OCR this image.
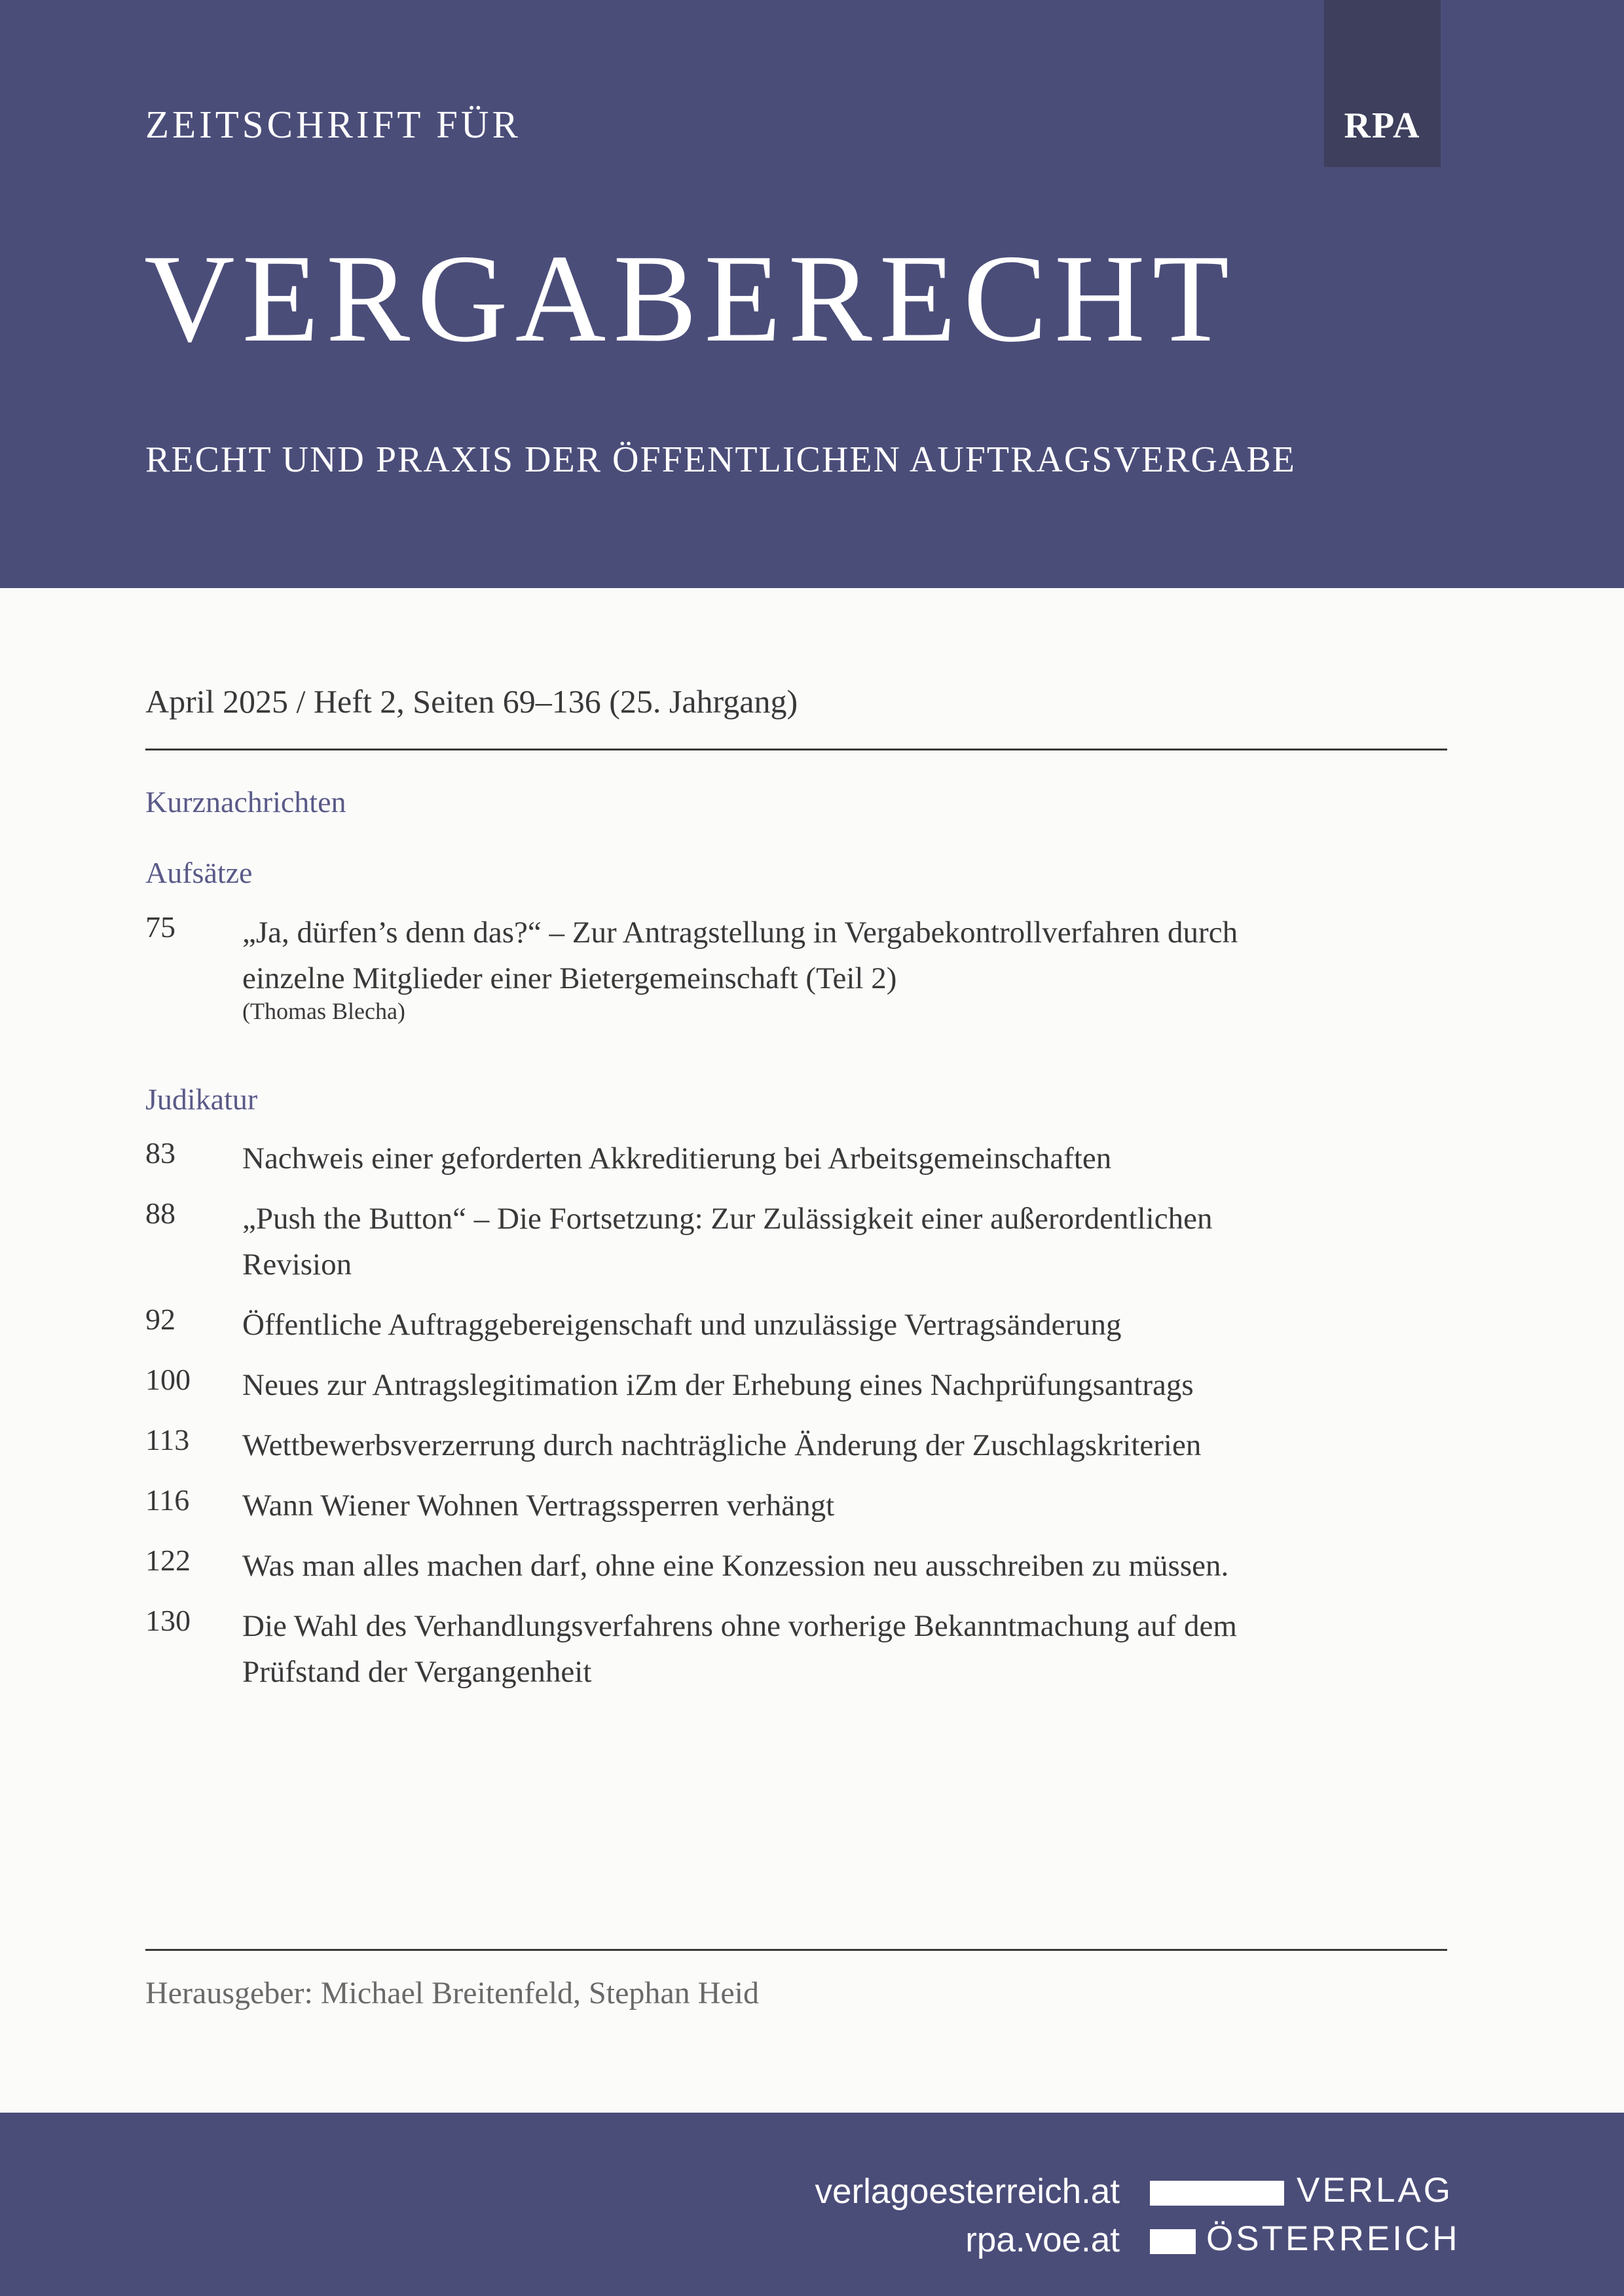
RPA
ZEITSCHRIFT FÜR
VERGABERECHT
RECHT UND PRAXIS DER ÖFFENTLICHEN AUFTRAGSVERGABE
April 2025 / Heft 2, Seiten 69–136 (25. Jahrgang)
Kurznachrichten
Aufsätze
75 „Ja, dürfen’s denn das?“ – Zur Antragstellung in Vergabekontrollverfahren durch
einzelne Mitglieder einer Bietergemeinschaft (Teil 2)
(Thomas Blecha)
Judikatur
83 Nachweis einer geforderten Akkreditierung bei Arbeitsgemeinschaften
88 „Push the Button“ – Die Fortsetzung: Zur Zulässigkeit einer außerordentlichen
Revision
92 Öffentliche Auftraggebereigenschaft und unzulässige Vertragsänderung
100 Neues zur Antragslegitimation iZm der Erhebung eines Nachprüfungsantrags
113 Wettbewerbsverzerrung durch nachträgliche Änderung der Zuschlagskriterien
116 Wann Wiener Wohnen Vertragssperren verhängt
122 Was man alles machen darf, ohne eine Konzession neu ausschreiben zu müssen.
130 Die Wahl des Verhandlungsverfahrens ohne vorherige Bekanntmachung auf dem
Prüfstand der Vergangenheit
Herausgeber: Michael Breitenfeld, Stephan Heid
verlagoesterreich.at
rpa.voe.at
VERLAG
ÖSTERREICH
